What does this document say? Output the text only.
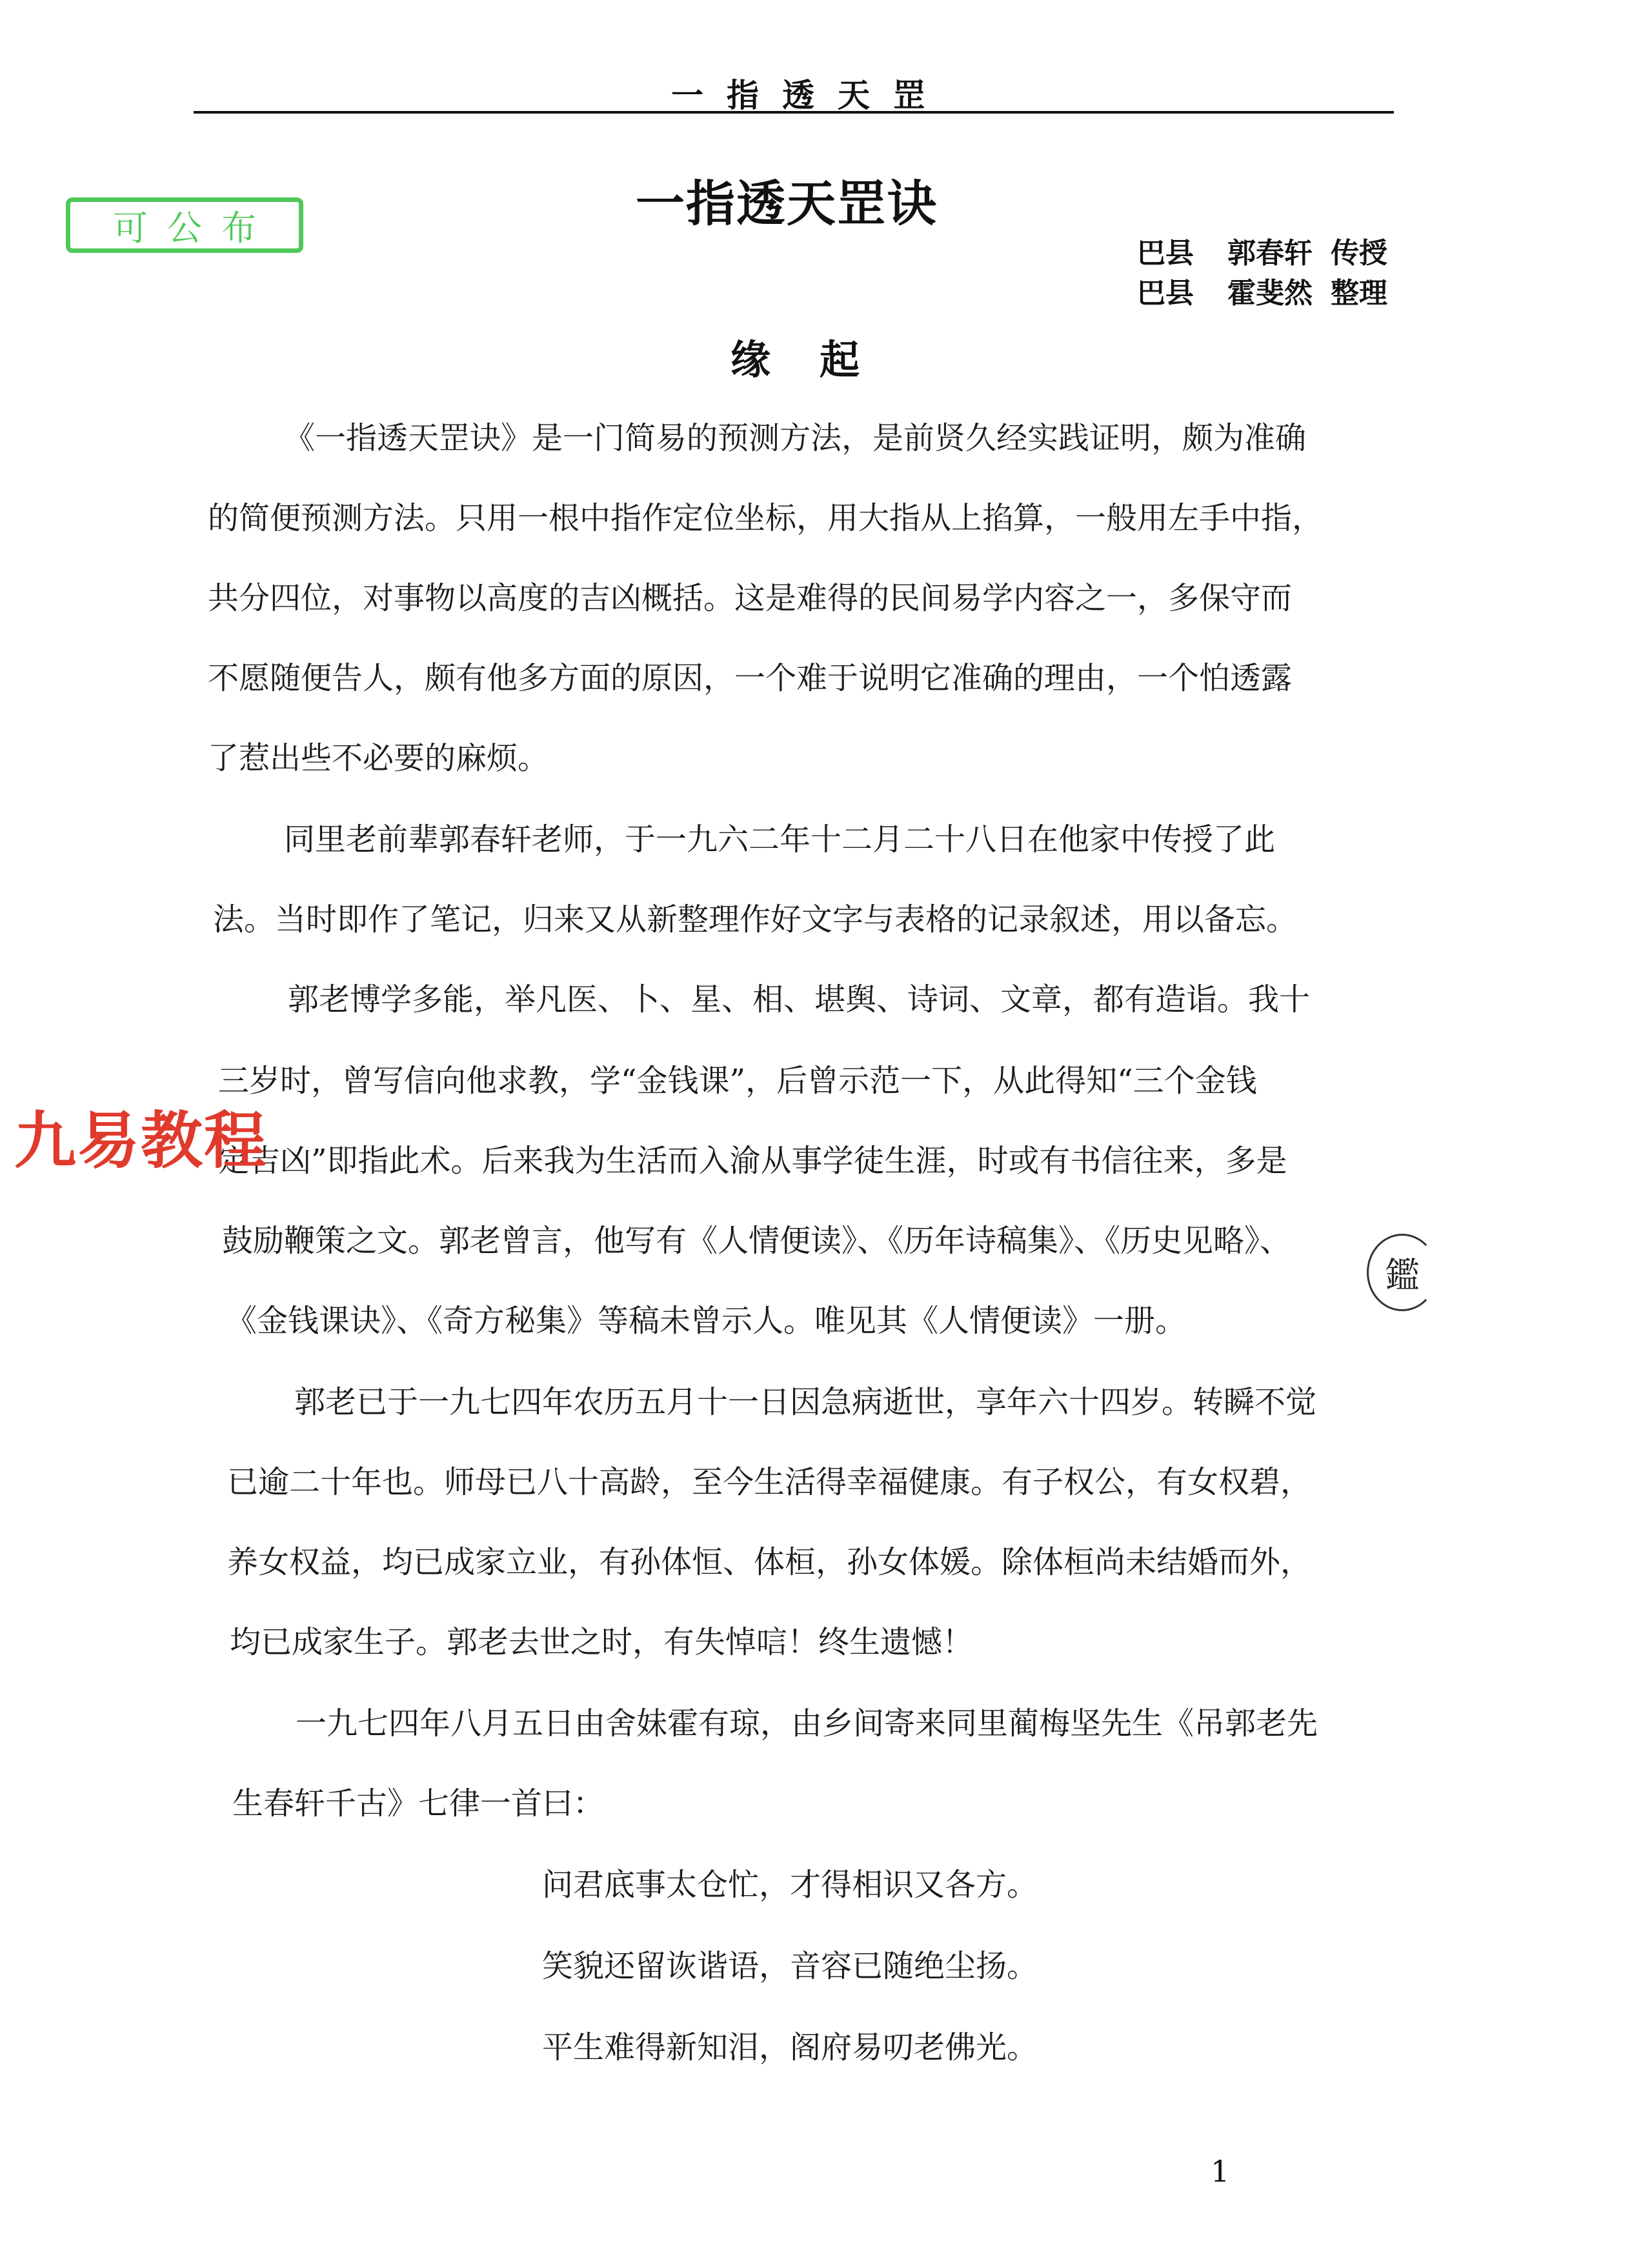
一指透天罡
可公布	一指透天罡诀
巴县 郭春轩 传授
巴县 霍斐然 整理
缘起
《一指透天罡诀》是一门简易的预测方法，是前贤久经实践证明，颇为准确
的简便预测方法。只用一根中指作定位坐标，用大指从上掐算，一般用左手中指，
共分四位，对事物以高度的吉凶概括。这是难得的民间易学内容之一，多保守而
不愿随便告人，颇有他多方面的原因，一个难于说明它准确的理由，一个怕透露
了惹出些不必要的麻烦。
同里老前辈郭春轩老师，于一九六二年十二月二十八日在他家中传授了此
法。当时即作了笔记，归来又从新整理作好文字与表格的记录叙述，用以备忘。
郭老博学多能，举凡医、卜、星、相、堪舆、诗词、文章，都有造诣。我十
三岁时，曾写信向他求教，学“金钱课”，后曾示范一下，从此得知“三个金钱
定吉凶”即指此术。后来我为生活而入渝从事学徒生涯，时或有书信往来，多是
鼓励鞭策之文。郭老曾言，他写有《人情便读》、《历年诗稿集》、《历史见略》、
《金钱课诀》、《奇方秘集》等稿未曾示人。唯见其《人情便读》一册。
郭老已于一九七四年农历五月十一日因急病逝世，享年六十四岁。转瞬不觉
已逾二十年也。师母已八十高龄，至今生活得幸福健康。有子权公，有女权碧，
养女权益，均已成家立业，有孙体恒、体桓，孙女体媛。除体桓尚未结婚而外，
均已成家生子。郭老去世之时，有失悼唁！终生遗憾！
一九七四年八月五日由舍妹霍有琼，由乡间寄来同里蔺梅坚先生《吊郭老先
生春轩千古》七律一首曰：
问君底事太仓忙，才得相识又各方。
笑貌还留诙谐语，音容已随绝尘扬。
平生难得新知泪，阁府易叨老佛光。
鑑
九易教程
1
